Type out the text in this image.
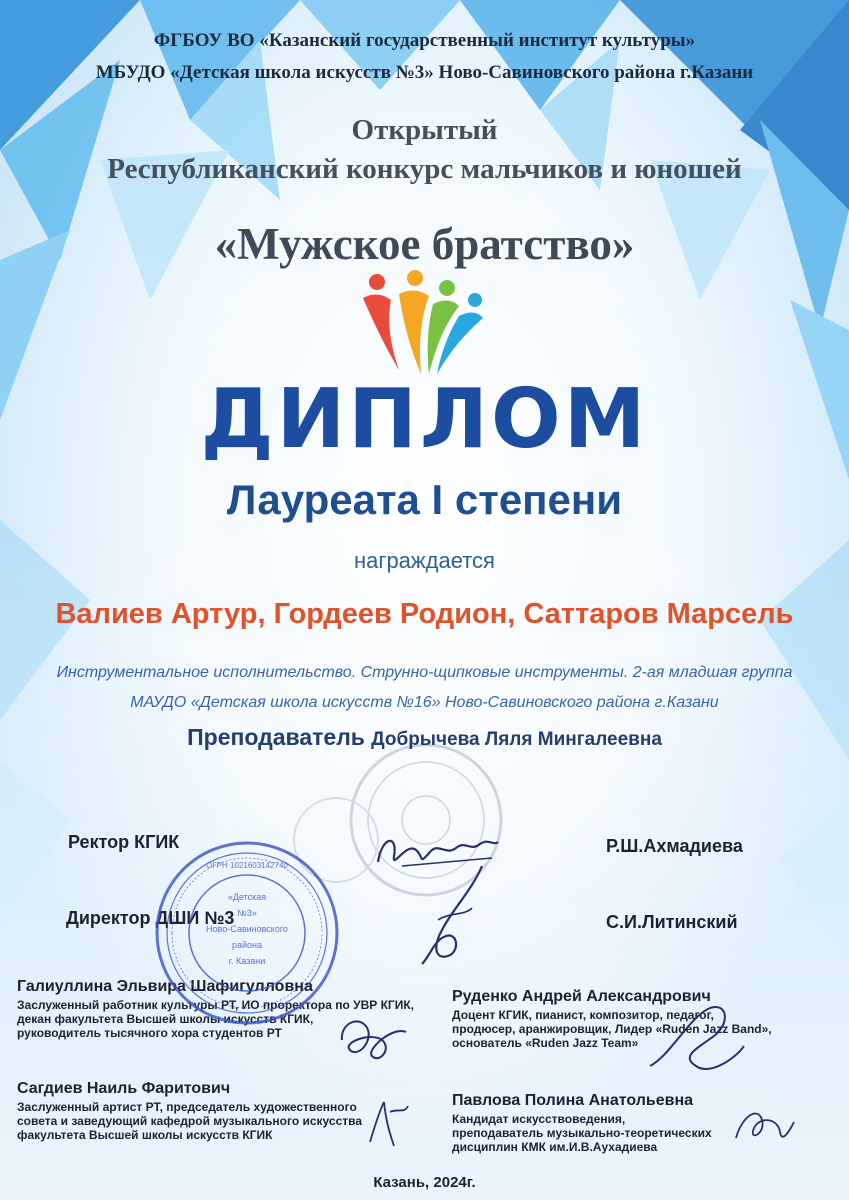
ФГБОУ ВО «Казанский государственный институт культуры»
МБУДО «Детская школа искусств №3» Ново-Савиновского района г.Казани
Открытый
Республиканский конкурс мальчиков и юношей
«Мужское братство»
ДИПЛОМ
Лауреата I степени
награждается
Валиев Артур, Гордеев Родион, Саттаров Марсель
Инструментальное исполнительство. Струнно-щипковые инструменты. 2-ая младшая группа
МАУДО «Детская школа искусств №16» Ново-Савиновского района г.Казани
Преподаватель Добрычева Ляля Мингалеевна
Ректор КГИК	Р.Ш.Ахмадиева
Директор ДШИ №3	С.И.Литинский
«Детская
№3»
Ново-Савиновского
района
г. Казани
ОГРН 1021603142740
Галиуллина Эльвира Шафигулловна
Заслуженный работник культуры РТ, ИО проректора по УВР КГИК,
декан факультета Высшей школы искусств КГИК,
руководитель тысячного хора студентов РТ
Руденко Андрей Александрович
Доцент КГИК, пианист, композитор, педагог,
продюсер, аранжировщик, Лидер «Ruden Jazz Band»,
основатель «Ruden Jazz Team»
Сагдиев Наиль Фаритович
Заслуженный артист РТ, председатель художественного
совета и заведующий кафедрой музыкального искусства
факультета Высшей школы искусств КГИК
Павлова Полина Анатольевна
Кандидат искусствоведения,
преподаватель музыкально-теоретических
дисциплин КМК им.И.В.Аухадиева
Казань, 2024г.
